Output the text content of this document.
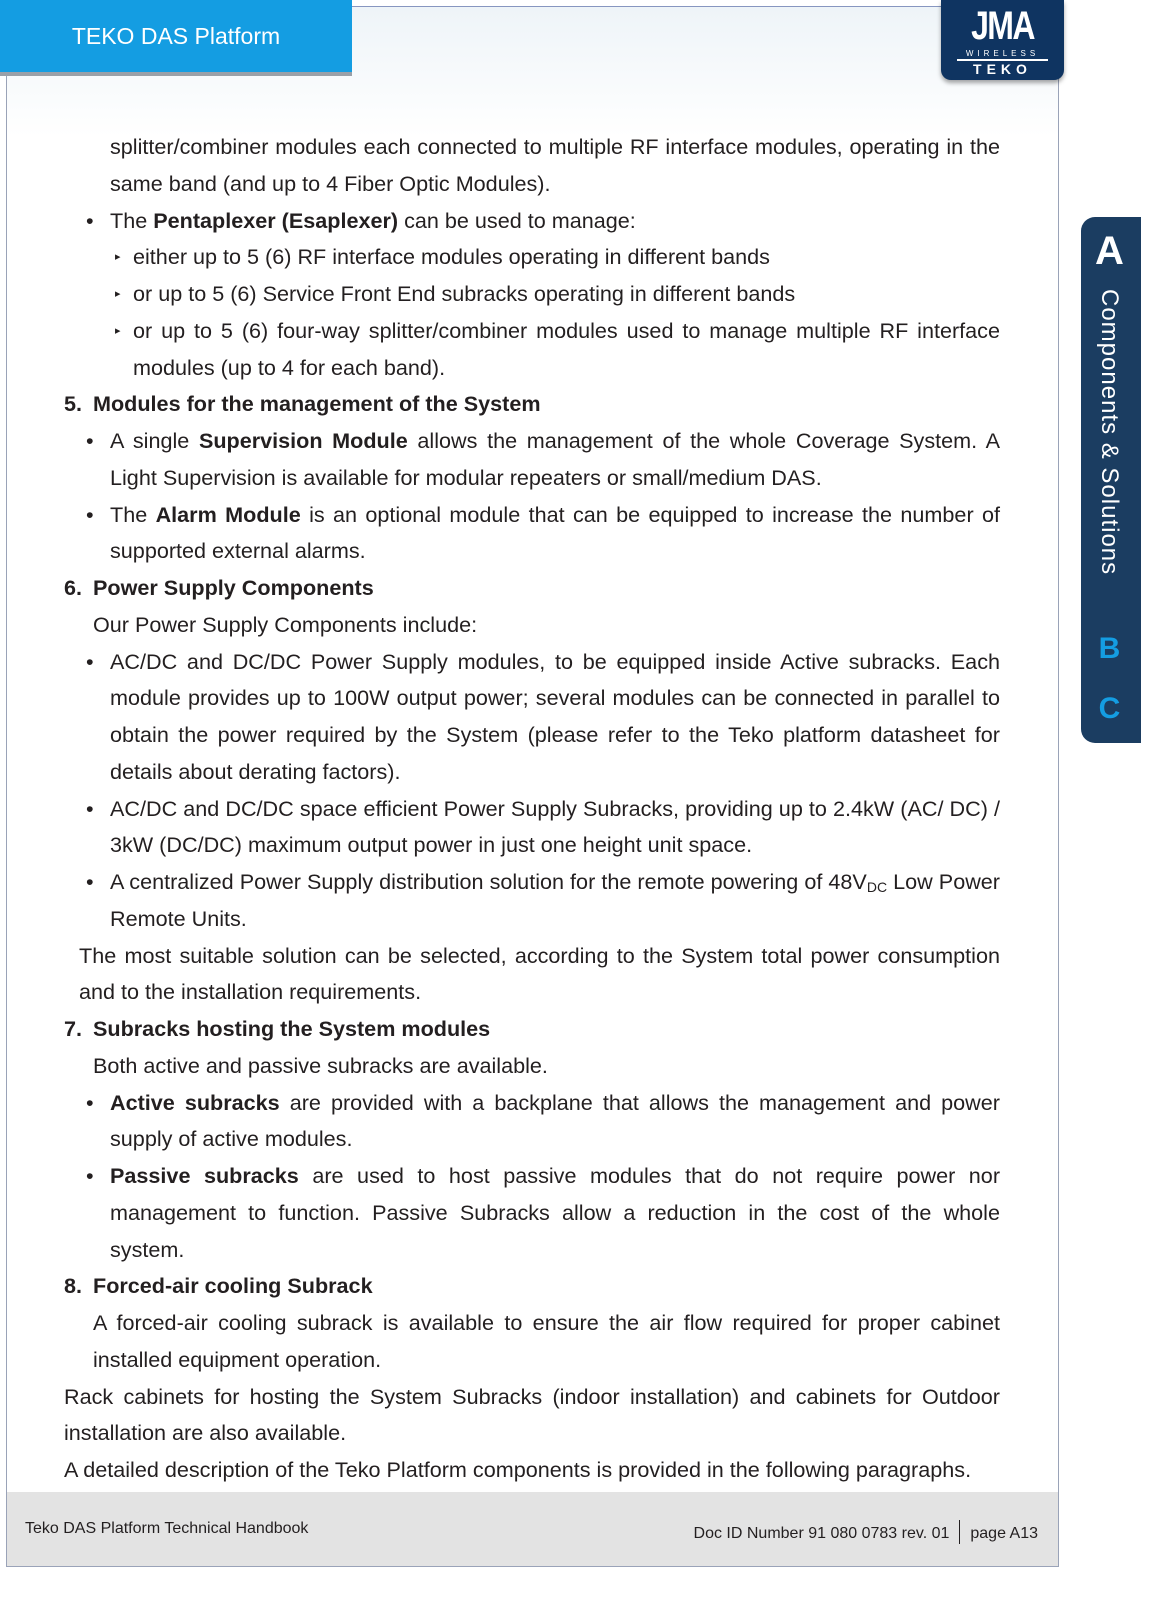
TEKO DAS Platform	JMA
WIRELESS
TEKO
A
Components & Solutions
B
C
splitter/combiner modules each connected to multiple RF interface modules, operating in the same band (and up to 4 Fiber Optic Modules).
• The Pentaplexer (Esaplexer) can be used to manage:
▸ either up to 5 (6) RF interface modules operating in different bands
▸ or up to 5 (6) Service Front End subracks operating in different bands
▸ or up to 5 (6) four-way splitter/combiner modules used to manage multiple RF interface modules (up to 4 for each band).
5. Modules for the management of the System
• A single Supervision Module allows the management of the whole Coverage System. A Light Supervision is available for modular repeaters or small/medium DAS.
• The Alarm Module is an optional module that can be equipped to increase the number of supported external alarms.
6. Power Supply Components
Our Power Supply Components include:
• AC/DC and DC/DC Power Supply modules, to be equipped inside Active subracks. Each module provides up to 100W output power; several modules can be connected in parallel to obtain the power required by the System (please refer to the Teko platform datasheet for details about derating factors).
• AC/DC and DC/DC space efficient Power Supply Subracks, providing up to 2.4kW (AC/ DC) / 3kW (DC/DC) maximum output power in just one height unit space.
• A centralized Power Supply distribution solution for the remote powering of $48V_{DC}$ Low Power Remote Units.
The most suitable solution can be selected, according to the System total power consumption and to the installation requirements.
7. Subracks hosting the System modules
Both active and passive subracks are available.
• Active subracks are provided with a backplane that allows the management and power supply of active modules.
• Passive subracks are used to host passive modules that do not require power nor management to function. Passive Subracks allow a reduction in the cost of the whole system.
8. Forced-air cooling Subrack
A forced-air cooling subrack is available to ensure the air flow required for proper cabinet installed equipment operation.
Rack cabinets for hosting the System Subracks (indoor installation) and cabinets for Outdoor installation are also available.
A detailed description of the Teko Platform components is provided in the following paragraphs.
Teko DAS Platform Technical Handbook	Doc ID Number 91 080 0783 rev. 01 page A13
